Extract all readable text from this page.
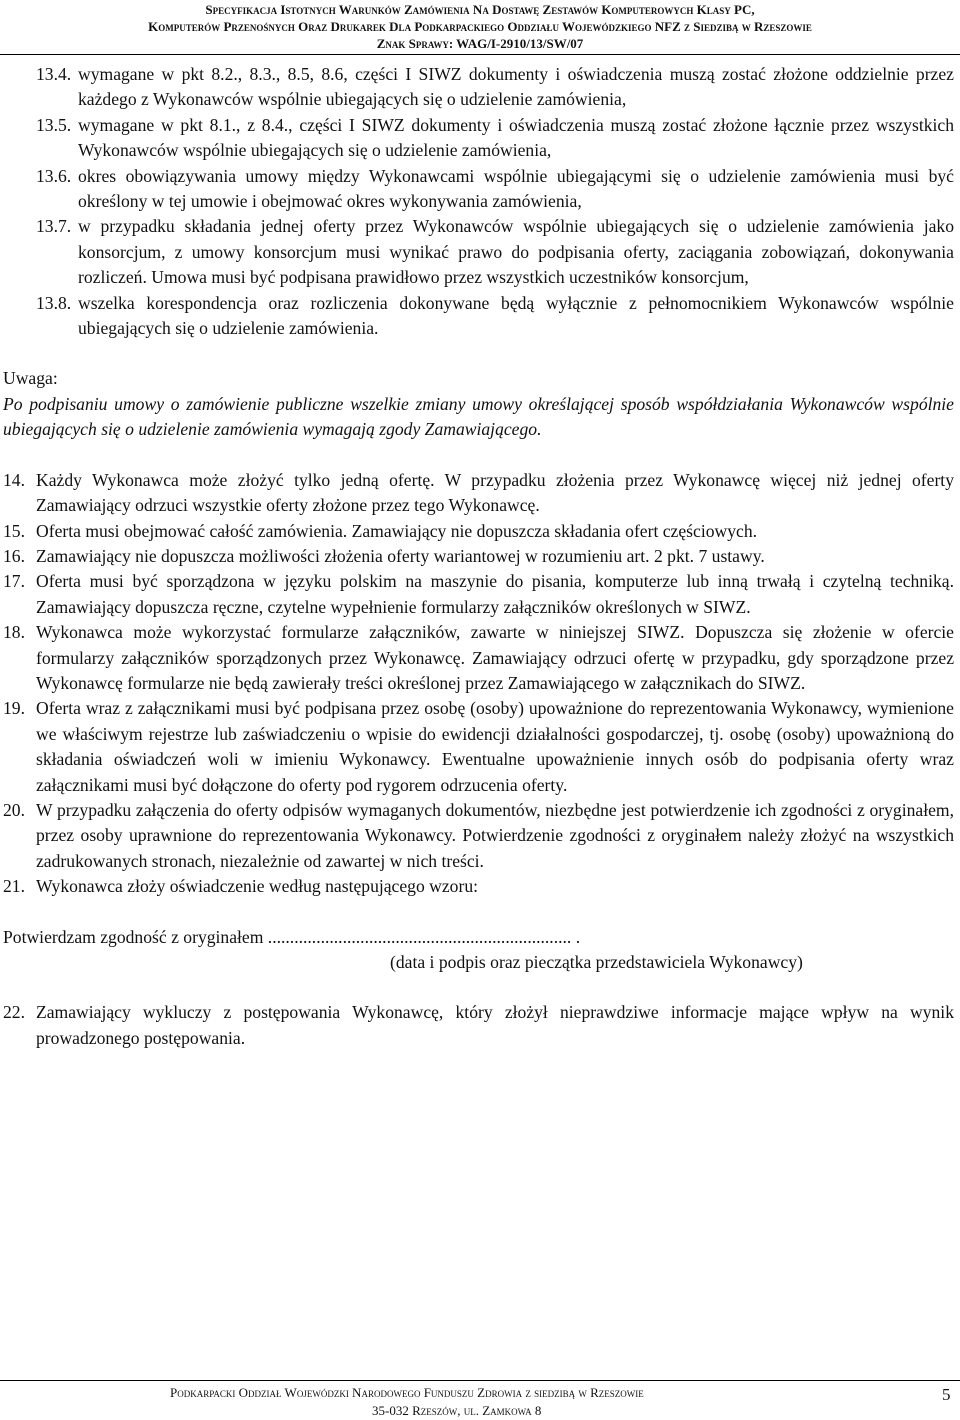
Specyfikacja Istotnych Warunków Zamówienia Na Dostawę Zestawów Komputerowych Klasy PC,
Komputerów Przenośnych Oraz Drukarek Dla Podkarpackiego Oddziału Wojewódzkiego NFZ z Siedzibą w Rzeszowie
Znak Sprawy: WAG/I-2910/13/SW/07
13.4. wymagane w pkt 8.2., 8.3., 8.5, 8.6, części I SIWZ dokumenty i oświadczenia muszą zostać złożone oddzielnie przez każdego z Wykonawców wspólnie ubiegających się o udzielenie zamówienia,
13.5. wymagane w pkt 8.1., z 8.4., części I SIWZ dokumenty i oświadczenia muszą zostać złożone łącznie przez wszystkich Wykonawców wspólnie ubiegających się o udzielenie zamówienia,
13.6. okres obowiązywania umowy między Wykonawcami wspólnie ubiegającymi się o udzielenie zamówienia musi być określony w tej umowie i obejmować okres wykonywania zamówienia,
13.7. w przypadku składania jednej oferty przez Wykonawców wspólnie ubiegających się o udzielenie zamówienia jako konsorcjum, z umowy konsorcjum musi wynikać prawo do podpisania oferty, zaciągania zobowiązań, dokonywania rozliczeń. Umowa musi być podpisana prawidłowo przez wszystkich uczestników konsorcjum,
13.8. wszelka korespondencja oraz rozliczenia dokonywane będą wyłącznie z pełnomocnikiem Wykonawców wspólnie ubiegających się o udzielenie zamówienia.
Uwaga:
Po podpisaniu umowy o zamówienie publiczne wszelkie zmiany umowy określającej sposób współdziałania Wykonawców wspólnie ubiegających się o udzielenie zamówienia wymagają zgody Zamawiającego.
14. Każdy Wykonawca może złożyć tylko jedną ofertę. W przypadku złożenia przez Wykonawcę więcej niż jednej oferty Zamawiający odrzuci wszystkie oferty złożone przez tego Wykonawcę.
15. Oferta musi obejmować całość zamówienia. Zamawiający nie dopuszcza składania ofert częściowych.
16. Zamawiający nie dopuszcza możliwości złożenia oferty wariantowej w rozumieniu art. 2 pkt. 7 ustawy.
17. Oferta musi być sporządzona w języku polskim na maszynie do pisania, komputerze lub inną trwałą i czytelną techniką. Zamawiający dopuszcza ręczne, czytelne wypełnienie formularzy załączników określonych w SIWZ.
18. Wykonawca może wykorzystać formularze załączników, zawarte w niniejszej SIWZ. Dopuszcza się złożenie w ofercie formularzy załączników sporządzonych przez Wykonawcę. Zamawiający odrzuci ofertę w przypadku, gdy sporządzone przez Wykonawcę formularze nie będą zawierały treści określonej przez Zamawiającego w załącznikach do SIWZ.
19. Oferta wraz z załącznikami musi być podpisana przez osobę (osoby) upoważnione do reprezentowania Wykonawcy, wymienione we właściwym rejestrze lub zaświadczeniu o wpisie do ewidencji działalności gospodarczej, tj. osobę (osoby) upoważnioną do składania oświadczeń woli w imieniu Wykonawcy. Ewentualne upoważnienie innych osób do podpisania oferty wraz załącznikami musi być dołączone do oferty pod rygorem odrzucenia oferty.
20. W przypadku załączenia do oferty odpisów wymaganych dokumentów, niezbędne jest potwierdzenie ich zgodności z oryginałem, przez osoby uprawnione do reprezentowania Wykonawcy. Potwierdzenie zgodności z oryginałem należy złożyć na wszystkich zadrukowanych stronach, niezależnie od zawartej w nich treści.
21. Wykonawca złoży oświadczenie według następującego wzoru:
Potwierdzam zgodność z oryginałem ..................................................................... .
(data i podpis oraz pieczątka przedstawiciela Wykonawcy)
22. Zamawiający wykluczy z postępowania Wykonawcę, który złożył nieprawdziwe informacje mające wpływ na wynik prowadzonego postępowania.
Podkarpacki Oddział Wojewódzki Narodowego Funduszu Zdrowia z siedzibą w Rzeszowie
35-032 Rzeszów, ul. Zamkowa 8
5
